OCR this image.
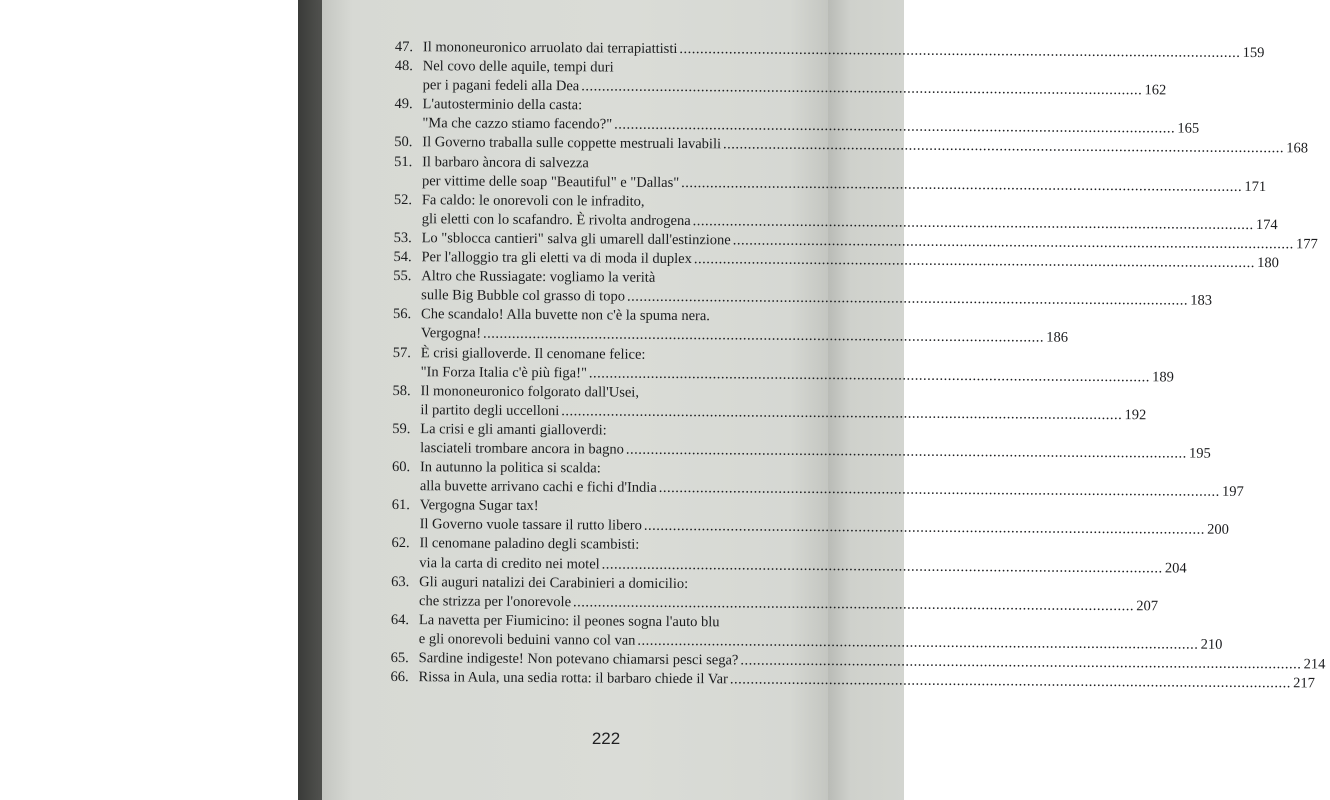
47. Il mononeuronico arruolato dai terrapiattisti .....	159
48. Nel covo delle aquile, tempi duri
per i pagani fedeli alla Dea .....	162
49. L'autosterminio della casta:
"Ma che cazzo stiamo facendo?" .....	165
50. Il Governo traballa sulle coppette mestruali lavabili .....	168
51. Il barbaro àncora di salvezza
per vittime delle soap "Beautiful" e "Dallas" .....	171
52. Fa caldo: le onorevoli con le infradito,
gli eletti con lo scafandro. È rivolta androgena .....	174
53. Lo "sblocca cantieri" salva gli umarell dall'estinzione .....	177
54. Per l'alloggio tra gli eletti va di moda il duplex .....	180
55. Altro che Russiagate: vogliamo la verità
sulle Big Bubble col grasso di topo .....	183
56. Che scandalo! Alla buvette non c'è la spuma nera.
Vergogna! .....	186
57. È crisi gialloverde. Il cenomane felice:
"In Forza Italia c'è più figa!" .....	189
58. Il mononeuronico folgorato dall'Usei,
il partito degli uccelloni .....	192
59. La crisi e gli amanti gialloverdi:
lasciateli trombare ancora in bagno .....	195
60. In autunno la politica si scalda:
alla buvette arrivano cachi e fichi d'India .....	197
61. Vergogna Sugar tax!
Il Governo vuole tassare il rutto libero .....	200
62. Il cenomane paladino degli scambisti:
via la carta di credito nei motel .....	204
63. Gli auguri natalizi dei Carabinieri a domicilio:
che strizza per l'onorevole .....	207
64. La navetta per Fiumicino: il peones sogna l'auto blu
e gli onorevoli beduini vanno col van .....	210
65. Sardine indigeste! Non potevano chiamarsi pesci sega? .....	214
66. Rissa in Aula, una sedia rotta: il barbaro chiede il Var .....	217
222
